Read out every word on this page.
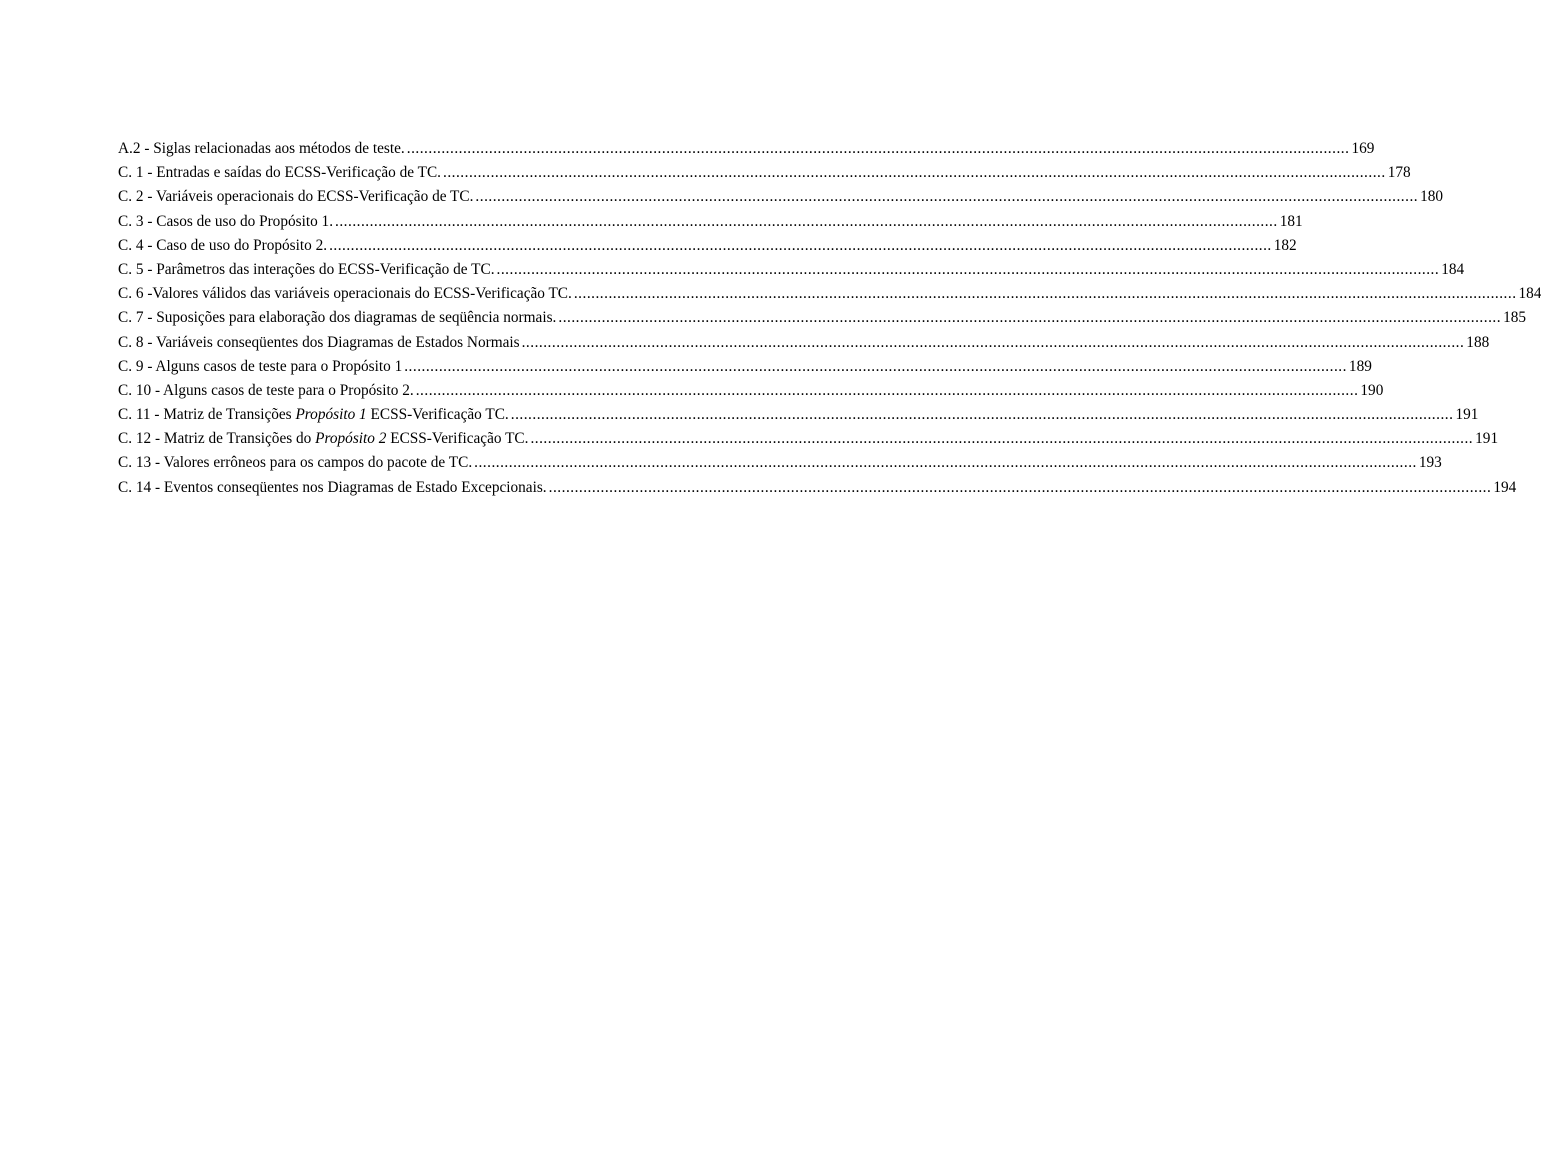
A.2 - Siglas relacionadas aos métodos de teste. .....	169
C. 1 - Entradas e saídas do ECSS-Verificação de TC. .....	178
C. 2 - Variáveis operacionais do ECSS-Verificação de TC. .....	180
C. 3 - Casos de uso do Propósito 1. .....	181
C. 4 - Caso de uso do Propósito 2. .....	182
C. 5 - Parâmetros das interações do ECSS-Verificação de TC. .....	184
C. 6 -Valores válidos das variáveis operacionais do ECSS-Verificação TC. .....	184
C. 7 - Suposições para elaboração dos diagramas de seqüência normais. .....	185
C. 8 - Variáveis conseqüentes dos Diagramas de Estados Normais .....	188
C. 9 - Alguns casos de teste para o Propósito 1 .....	189
C. 10 - Alguns casos de teste para o Propósito 2. .....	190
C. 11 - Matriz de Transições Propósito 1 ECSS-Verificação TC. .....	191
C. 12 - Matriz de Transições do Propósito 2 ECSS-Verificação TC. .....	191
C. 13 - Valores errôneos para os campos do pacote de TC. .....	193
C. 14 - Eventos conseqüentes nos Diagramas de Estado Excepcionais. .....	194
